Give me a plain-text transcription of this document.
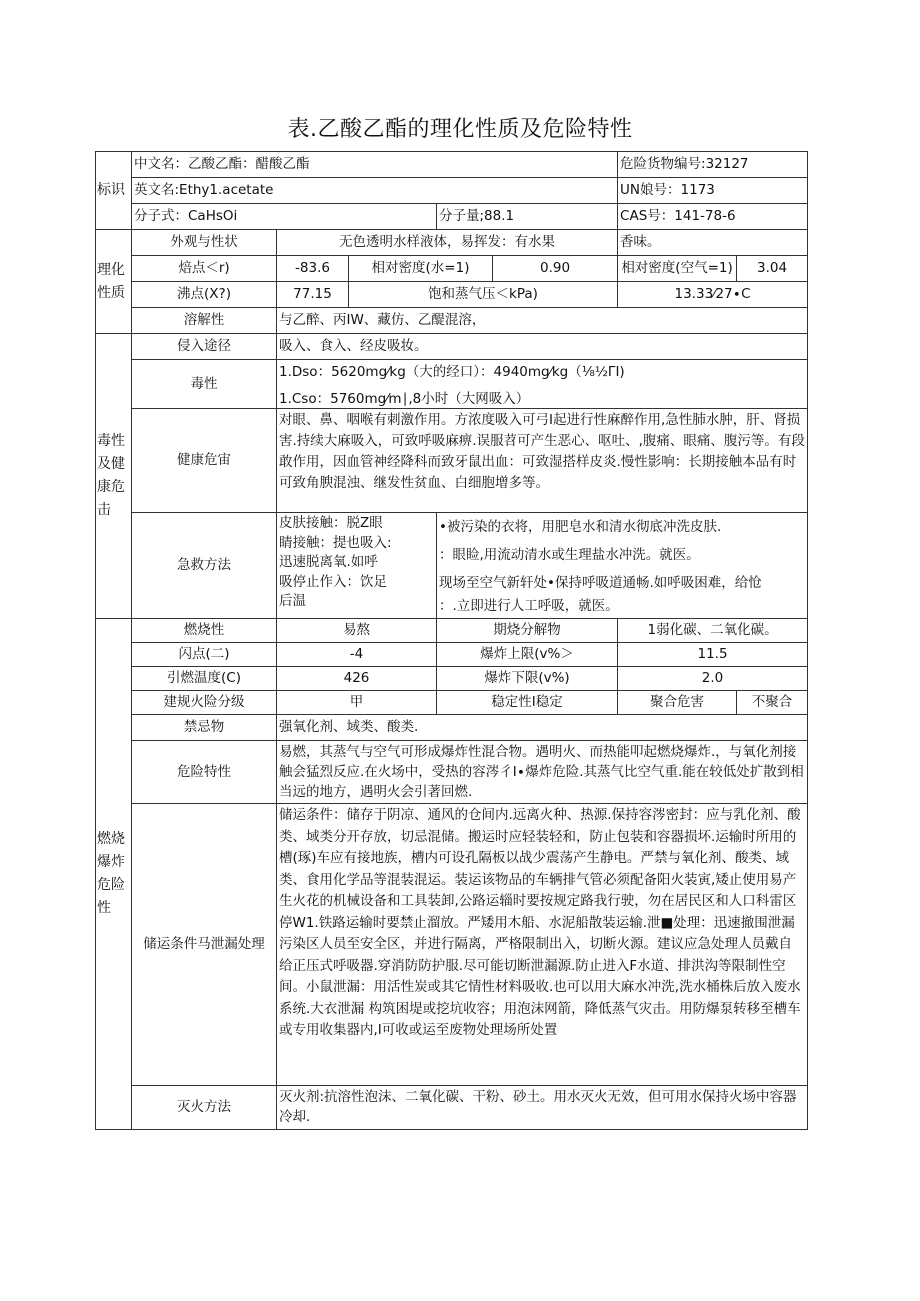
表.乙酸乙酯的理化性质及危险特性
标识	中文名：乙酸乙酯：醋酸乙酯					危险货物编号:32127	
	英文名:Ethy1.acetate					UN娘号：1173	
	分子式：CaHsOi			分子量;88.1		CAS号：141-78-6	
理化性质	外观与性状	无色透明水样液体，易挥发：有水果				香味。	
	焙点＜r)	-83.6	相对密度(水=1)		0.90	相对密度(空气=1)	3.04
	沸点(X?)	77.15	饱和蒸气压＜kPa)			13.33⁄27∙C	
	溶解性	与乙醉、丙IW、藏仿、乙醍混溶，					
毒性及健康危击	侵入途径	吸入、食入、经皮吸妆。					
	毒性	1.Dso：5620mg⁄kg（大的经口）：4940mg⁄kg（⅛½ΓI)
1.Cso：5760mg⁄m∣,8小时（大网吸入）					

	健康危宙	对眼、鼻、咽喉有刺激作用。方浓度吸入可弓I起进行性麻醉作用,急性肺水肿，肝、肾损害.持续大麻吸入，可致呼吸麻痹.误服苕可产生恶心、呕吐、,腹痛、眼痛、腹污等。有段敢作用，因血管神经降科而致牙鼠出血：可致湿搭样皮炎.慢性影响：长期接触本品有时可致角腴混浊、继发性贫血、白细胞增多等。					
	急救方法	皮肤接触：脱Z眼
睛接触：提也吸入:
迅速脱离氧.如呼
吸停止作入：饮足
后温		•被污染的衣将，用肥皂水和清水彻底冲洗皮肤.
：眼睑,用流动清水或生理盐水冲洗。就医。
现场至空气新轩处•保持呼吸道通畅.如呼吸困难，给怆
：.立即进行人工呼吸，就医。			

燃烧爆炸危险性	燃烧性	易熬		期烧分解物		1弱化碳、二氧化碳。	
	闪点(二)	-4		爆炸上限(v%＞		11.5	
	引燃温度(C)	426		爆炸下限(v%)		2.0	
	建规火险分级	甲		稳定性I稳定		聚合危害	不聚合
	禁忌物	强氧化剂、域类、酸类.					
	危险特性	易燃，其蒸气与空气可形成爆炸性混合物。遇明火、而热能叩起燃烧爆炸.，与氧化剂接触会猛烈反应.在火场中，受热的容涔彳I∙爆炸危险.其蒸气比空气重.能在较低处扩散到相当远的地方，遇明火会引著回燃.					
	储运条件马泄漏处理	储运条件：储存于阴凉、通风的仓间内.远离火种、热源.保持容涔密封：应与乳化剂、酸类、域类分开存放，切忌混储。搬运时应轻装轻和，防止包装和容器损坏.运输时所用的槽(琢)车应有接地族，槽内可设孔隔板以战少震荡产生静电。严禁与氧化剂、酸类、域类、食用化学品等混装混运。装运该物品的车辆排气管必须配备阳火装寅,矮止使用易产生火花的机械设备和工具装卸,公路运辎时要按规定路我行驶，勿在居民区和人口科雷区停W1.铁路运输时要禁止溜放。严矮用木船、水泥船散装运输.泄■处理：迅速撤围泄漏污染区人员至安全区，并进行隔离，严格限制出入，切断火源。建议应急处理人员戴自给正压式呼吸器.穿消防防护服.尽可能切断泄漏源.防止进入F水道、排洪沟等限制性空间。小鼠泄漏：用活性炭或其它情性材料吸收.也可以用大麻水冲洗,洗水桶株后放入废水系统.大衣泄漏 构筑困堤或挖坑收容；用泡沫网箭，降低蒸气灾击。用防爆泵转移至槽车或专用收集器内,I可收或运至废物处理场所处置					
	灭火方法	灭火剂:抗溶性泡沫、二氧化碳、干粉、砂土。用水灭火无效，但可用水保持火场中容器冷却.					
